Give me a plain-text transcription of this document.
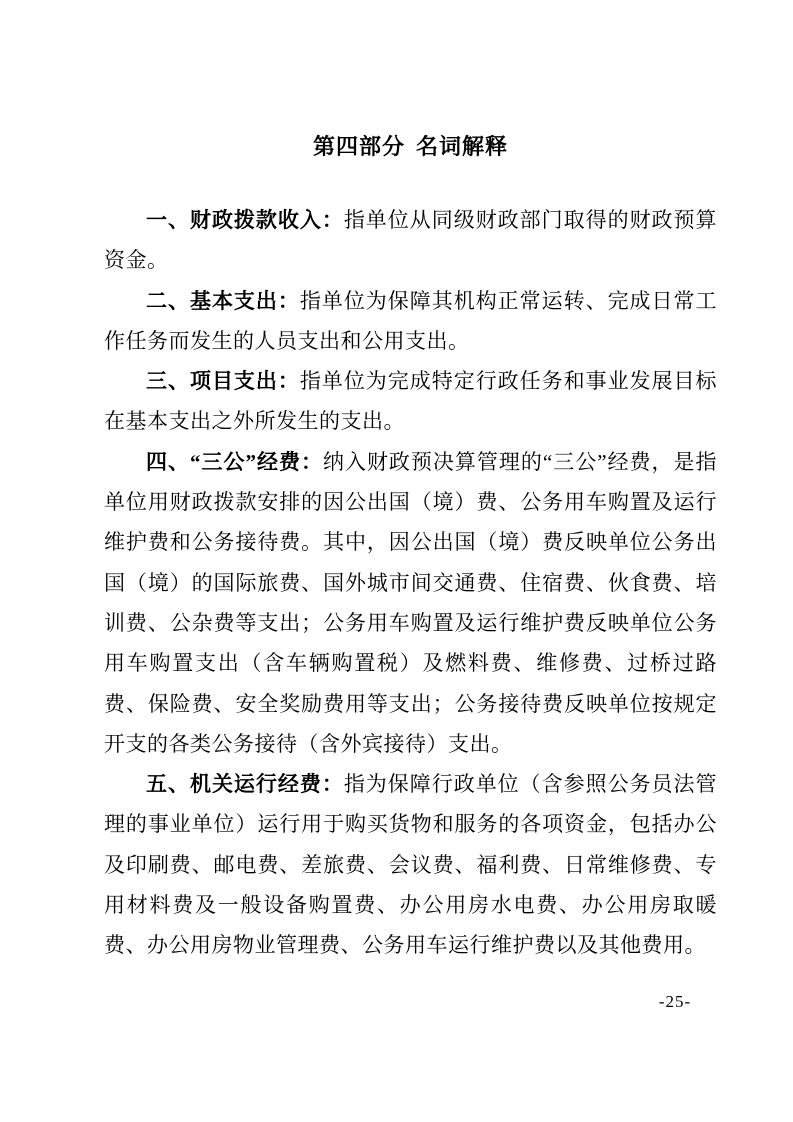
第四部分 名词解释

一、财政拨款收入：指单位从同级财政部门取得的财政预算资金。

二、基本支出：指单位为保障其机构正常运转、完成日常工作任务而发生的人员支出和公用支出。

三、项目支出：指单位为完成特定行政任务和事业发展目标在基本支出之外所发生的支出。

四、“三公”经费：纳入财政预决算管理的“三公”经费，是指单位用财政拨款安排的因公出国（境）费、公务用车购置及运行维护费和公务接待费。其中，因公出国（境）费反映单位公务出国（境）的国际旅费、国外城市间交通费、住宿费、伙食费、培训费、公杂费等支出；公务用车购置及运行维护费反映单位公务用车购置支出（含车辆购置税）及燃料费、维修费、过桥过路费、保险费、安全奖励费用等支出；公务接待费反映单位按规定开支的各类公务接待（含外宾接待）支出。

五、机关运行经费：指为保障行政单位（含参照公务员法管理的事业单位）运行用于购买货物和服务的各项资金，包括办公及印刷费、邮电费、差旅费、会议费、福利费、日常维修费、专用材料费及一般设备购置费、办公用房水电费、办公用房取暖费、办公用房物业管理费、公务用车运行维护费以及其他费用。

-25-
